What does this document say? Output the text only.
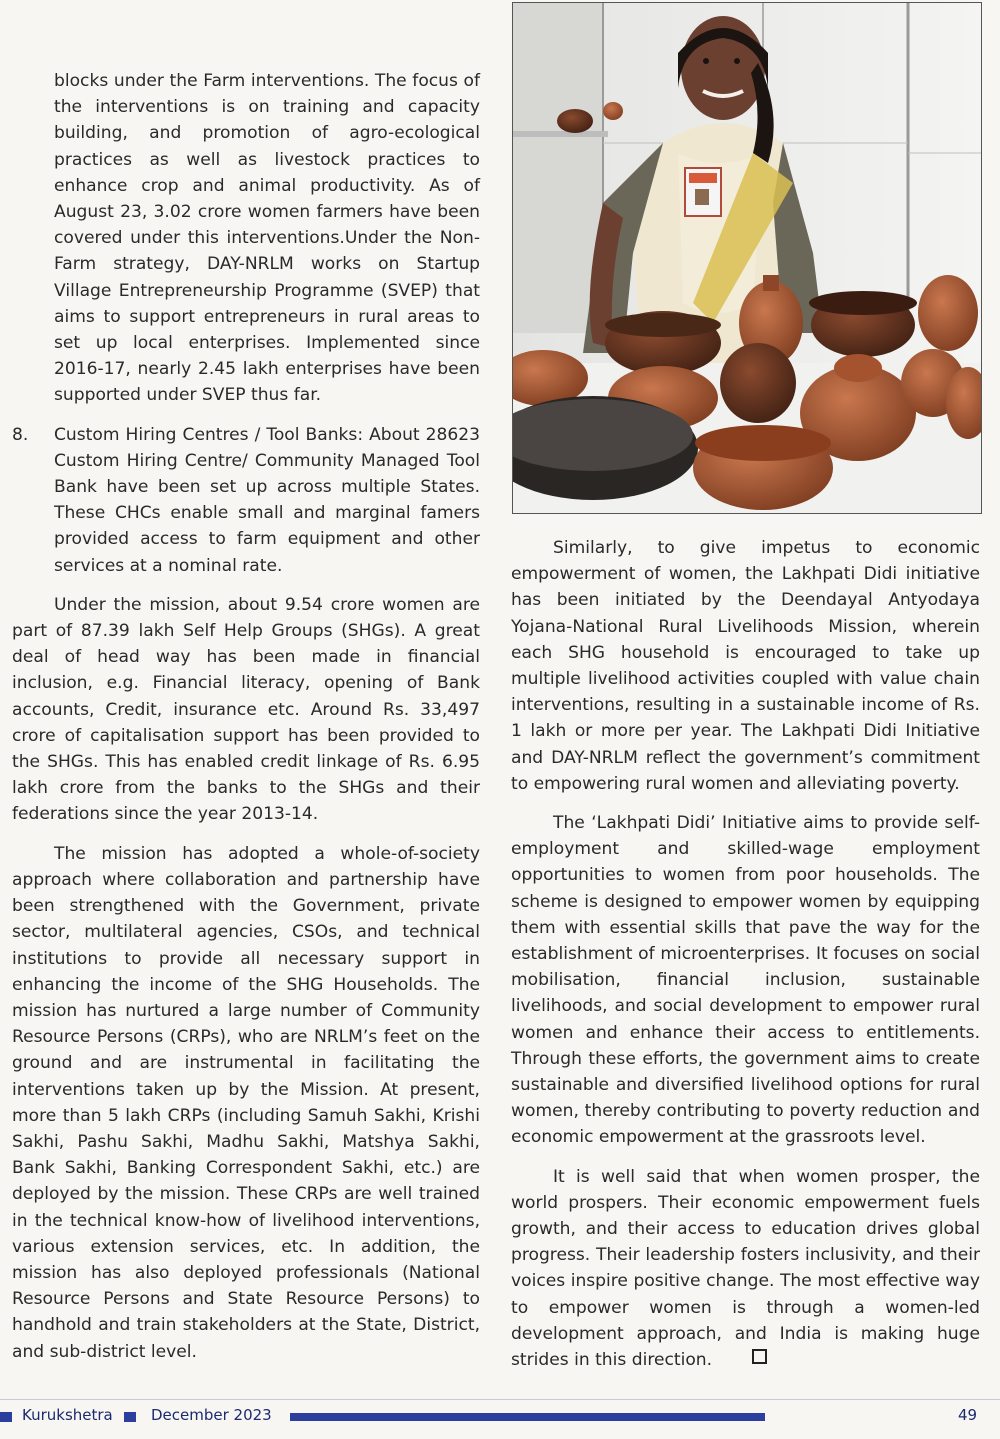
blocks under the Farm interventions. The focus of the interventions is on training and capacity building, and promotion of agro-ecological practices as well as livestock practices to enhance crop and animal productivity. As of August 23, 3.02 crore women farmers have been covered under this interventions.Under the Non-Farm strategy, DAY-NRLM works on Startup Village Entrepreneurship Programme (SVEP) that aims to support entrepreneurs in rural areas to set up local enterprises. Implemented since 2016-17, nearly 2.45 lakh enterprises have been supported under SVEP thus far.

8.	Custom Hiring Centres / Tool Banks: About 28623 Custom Hiring Centre/ Community Managed Tool Bank have been set up across multiple States. These CHCs enable small and marginal famers provided access to farm equipment and other services at a nominal rate.

Under the mission, about 9.54 crore women are part of 87.39 lakh Self Help Groups (SHGs). A great deal of head way has been made in financial inclusion, e.g. Financial literacy, opening of Bank accounts, Credit, insurance etc. Around Rs. 33,497 crore of capitalisation support has been provided to the SHGs. This has enabled credit linkage of Rs. 6.95 lakh crore from the banks to the SHGs and their federations since the year 2013-14.

The mission has adopted a whole-of-society approach where collaboration and partnership have been strengthened with the Government, private sector, multilateral agencies, CSOs, and technical institutions to provide all necessary support in enhancing the income of the SHG Households. The mission has nurtured a large number of Community Resource Persons (CRPs), who are NRLM’s feet on the ground and are instrumental in facilitating the interventions taken up by the Mission. At present, more than 5 lakh CRPs (including Samuh Sakhi, Krishi Sakhi, Pashu Sakhi, Madhu Sakhi, Matshya Sakhi, Bank Sakhi, Banking Correspondent Sakhi, etc.) are deployed by the mission. These CRPs are well trained in the technical know-how of livelihood interventions, various extension services, etc. In addition, the mission has also deployed professionals (National Resource Persons and State Resource Persons) to handhold and train stakeholders at the State, District, and sub-district level.

Similarly, to give impetus to economic empowerment of women, the Lakhpati Didi initiative has been initiated by the Deendayal Antyodaya Yojana-National Rural Livelihoods Mission, wherein each SHG household is encouraged to take up multiple livelihood activities coupled with value chain interventions, resulting in a sustainable income of Rs. 1 lakh or more per year. The Lakhpati Didi Initiative and DAY-NRLM reflect the government’s commitment to empowering rural women and alleviating poverty.

The ‘Lakhpati Didi’ Initiative aims to provide self-employment and skilled-wage employment opportunities to women from poor households. The scheme is designed to empower women by equipping them with essential skills that pave the way for the establishment of microenterprises. It focuses on social mobilisation, financial inclusion, sustainable livelihoods, and social development to empower rural women and enhance their access to entitlements. Through these efforts, the government aims to create sustainable and diversified livelihood options for rural women, thereby contributing to poverty reduction and economic empowerment at the grassroots level.

It is well said that when women prosper, the world prospers. Their economic empowerment fuels growth, and their access to education drives global progress. Their leadership fosters inclusivity, and their voices inspire positive change. The most effective way to empower women is through a women-led development approach, and India is making huge strides in this direction.

Kurukshetra	December 2023	49
